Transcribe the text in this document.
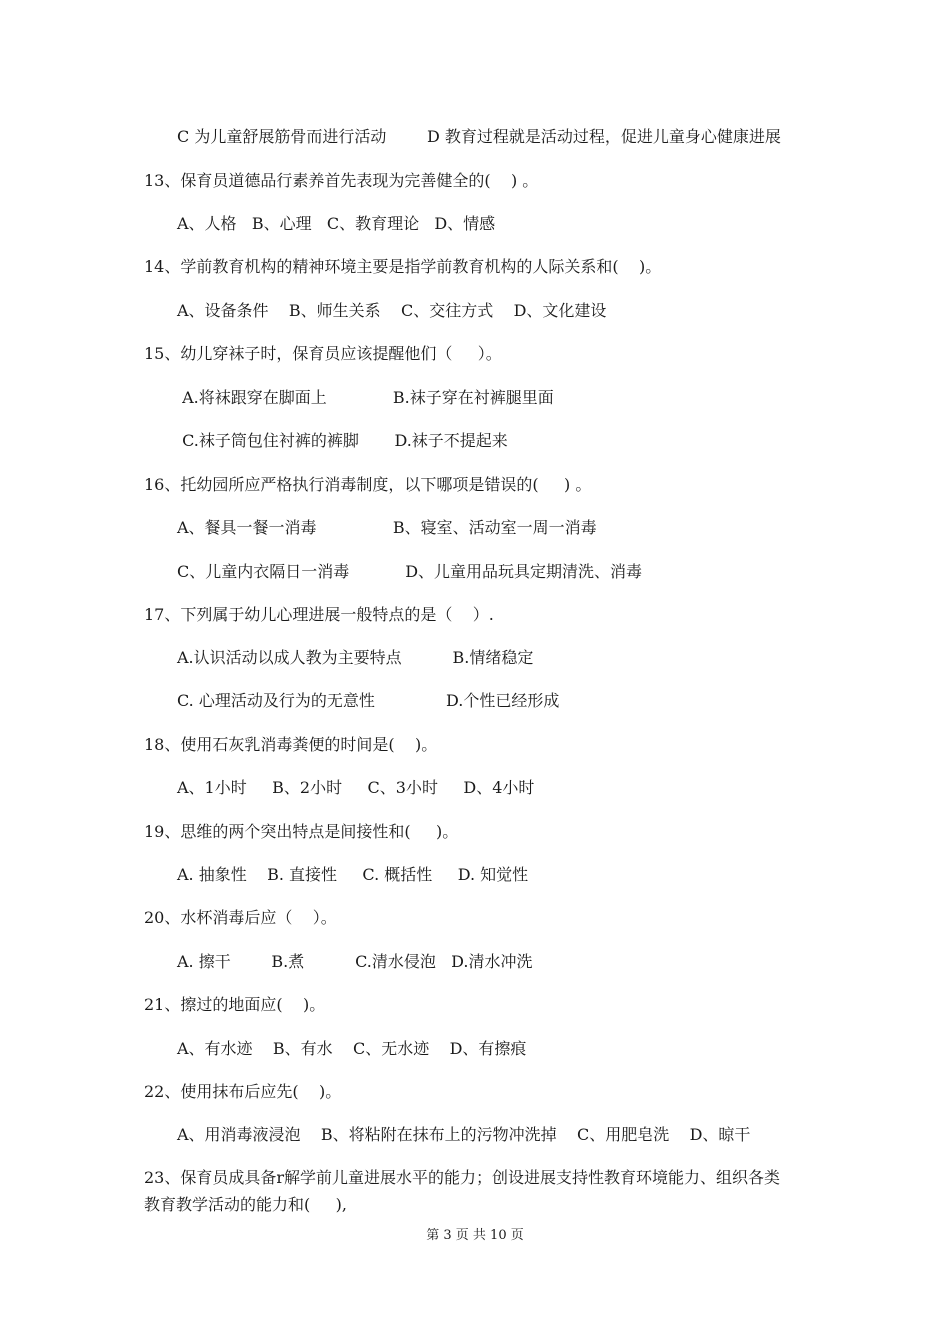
C 为儿童舒展筋骨而进行活动        D 教育过程就是活动过程，促进儿童身心健康进展
13、保育员道德品行素养首先表现为完善健全的(    ) 。
A、人格   B、心理   C、教育理论   D、情感
14、学前教育机构的精神环境主要是指学前教育机构的人际关系和(    )。
A、设备条件    B、师生关系    C、交往方式    D、文化建设
15、幼儿穿袜子时，保育员应该提醒他们（     ）。
A.将袜跟穿在脚面上             B.袜子穿在衬裤腿里面
C.袜子筒包住衬裤的裤脚       D.袜子不提起来
16、托幼园所应严格执行消毒制度，以下哪项是错误的(     ) 。
A、餐具一餐一消毒               B、寝室、活动室一周一消毒
C、儿童内衣隔日一消毒           D、儿童用品玩具定期清洗、消毒
17、下列属于幼儿心理进展一般特点的是（    ）.
A.认识活动以成人教为主要特点          B.情绪稳定
C. 心理活动及行为的无意性              D.个性已经形成
18、使用石灰乳消毒粪便的时间是(    )。
A、1小时     B、2小时     C、3小时     D、4小时
19、思维的两个突出特点是间接性和(     )。
A. 抽象性    B. 直接性     C. 概括性     D. 知觉性
20、水杯消毒后应（    ）。
A. 擦干        B.煮          C.清水侵泡   D.清水冲洗
21、擦过的地面应(    )。
A、有水迹    B、有水    C、无水迹    D、有擦痕
22、使用抹布后应先(    )。
A、用消毒液浸泡    B、将粘附在抹布上的污物冲洗掉    C、用肥皂洗    D、晾干
23、保育员成具备r解学前儿童进展水平的能力；创设进展支持性教育环境能力、组织各类
教育教学活动的能力和(     ),
第 3 页 共 10 页
